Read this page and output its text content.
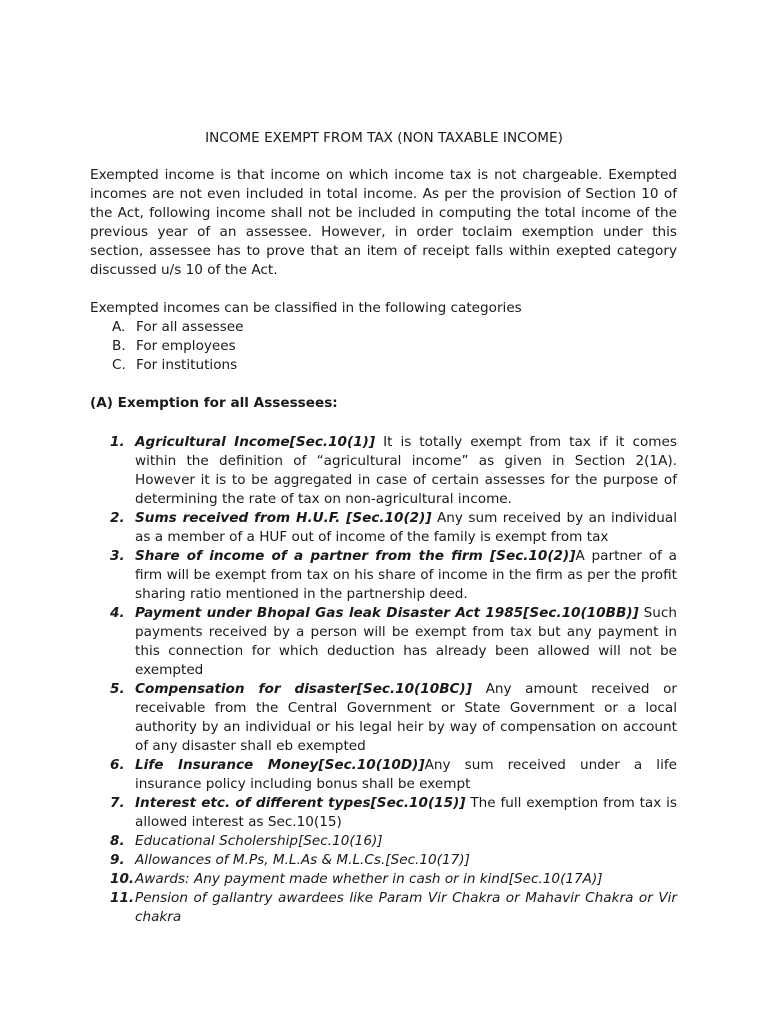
INCOME EXEMPT FROM TAX (NON TAXABLE INCOME)
Exempted income is that income on which income tax is not chargeable. Exempted incomes are not even included in total income. As per the provision of Section 10 of the Act, following income shall not be included in computing the total income of the previous year of an assessee. However, in order toclaim exemption under this section, assessee has to prove that an item of receipt falls within exepted category discussed u/s 10 of the Act.
Exempted incomes can be classified in the following categories
A. For all assessee
B. For employees
C. For institutions
(A) Exemption for all Assessees:
1. Agricultural Income[Sec.10(1)] It is totally exempt from tax if it comes within the definition of “agricultural income” as given in Section 2(1A). However it is to be aggregated in case of certain assesses for the purpose of determining the rate of tax on non-agricultural income.
2. Sums received from H.U.F. [Sec.10(2)] Any sum received by an individual as a member of a HUF out of income of the family is exempt from tax
3. Share of income of a partner from the firm [Sec.10(2)]A partner of a firm will be exempt from tax on his share of income in the firm as per the profit sharing ratio mentioned in the partnership deed.
4. Payment under Bhopal Gas leak Disaster Act 1985[Sec.10(10BB)] Such payments received by a person will be exempt from tax but any payment in this connection for which deduction has already been allowed will not be exempted
5. Compensation for disaster[Sec.10(10BC)] Any amount received or receivable from the Central Government or State Government or a local authority by an individual or his legal heir by way of compensation on account of any disaster shall eb exempted
6. Life Insurance Money[Sec.10(10D)]Any sum received under a life insurance policy including bonus shall be exempt
7. Interest etc. of different types[Sec.10(15)] The full exemption from tax is allowed interest as Sec.10(15)
8. Educational Scholership[Sec.10(16)]
9. Allowances of M.Ps, M.L.As & M.L.Cs.[Sec.10(17)]
10. Awards: Any payment made whether in cash or in kind[Sec.10(17A)]
11. Pension of gallantry awardees like Param Vir Chakra or Mahavir Chakra or Vir chakra
